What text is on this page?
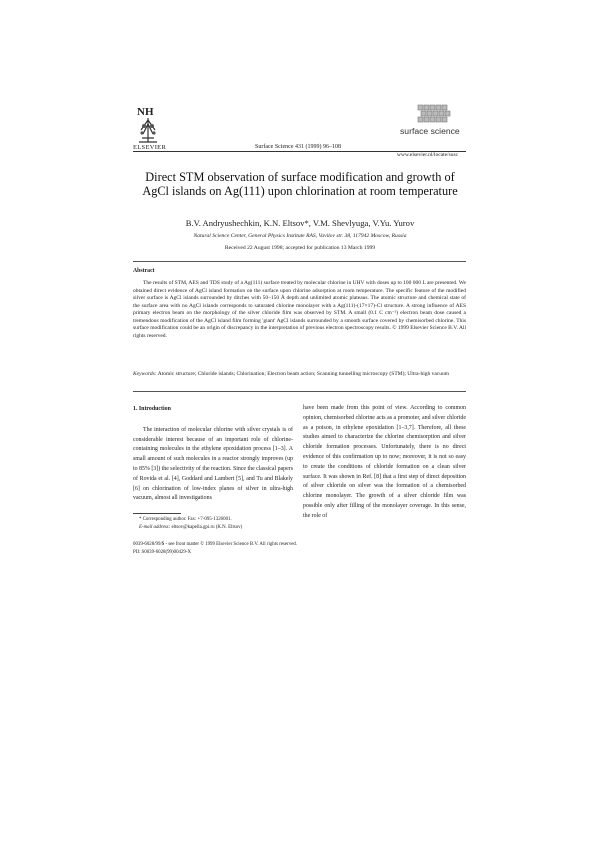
NH
ELSEVIER	Surface Science 431 (1999) 96–108
surface science
www.elsevier.nl/locate/susc
Direct STM observation of surface modification and growth of AgCl islands on Ag(111) upon chlorination at room temperature
B.V. Andryushechkin, K.N. Eltsov*, V.M. Shevlyuga, V.Yu. Yurov
Natural Science Center, General Physics Institute RAS, Vavilov str. 38, 117942 Moscow, Russia
Received 22 August 1998; accepted for publication 13 March 1999
Abstract
The results of STM, AES and TDS study of a Ag(111) surface treated by molecular chlorine in UHV with doses up to 100 000 L are presented. We obtained direct evidence of AgCl island formation on the surface upon chlorine adsorption at room temperature. The specific feature of the modified silver surface is AgCl islands surrounded by ditches with 50–150 Å depth and unlimited atomic plateaus. The atomic structure and chemical state of the surface area with no AgCl islands corresponds to saturated chlorine monolayer with a Ag(111)-(17×17)-Cl structure. A strong influence of AES primary electron beam on the morphology of the silver chloride film was observed by STM. A small (0.1 C cm⁻²) electron beam dose caused a tremendous modification of the AgCl island film forming 'giant' AgCl islands surrounded by a smooth surface covered by chemisorbed chlorine. This surface modification could be an origin of discrepancy in the interpretation of previous electron spectroscopy results. © 1999 Elsevier Science B.V. All rights reserved.
Keywords: Atomic structure; Chloride islands; Chlorination; Electron beam action; Scanning tunnelling microscopy (STM); Ultra-high vacuum
1. Introduction
The interaction of molecular chlorine with silver crystals is of considerable interest because of an important role of chlorine-containing molecules in the ethylene epoxidation process [1–3]. A small amount of such molecules in a reactor strongly improves (up to 85% [3]) the selectivity of the reaction. Since the classical papers of Rovida et al. [4], Goddard and Lambert [5], and Tu and Blakely [6] on chlorination of low-index planes of silver in ultra-high vacuum, almost all investigations
have been made from this point of view. According to common opinion, chemisorbed chlorine acts as a promoter, and silver chloride as a poison, in ethylene epoxidation [1–3,7]. Therefore, all these studies aimed to characterize the chlorine chemisorption and silver chloride formation processes. Unfortunately, there is no direct evidence of this confirmation up to now; moreover, it is not so easy to create the conditions of chloride formation on a clean silver surface. It was shown in Ref. [8] that a first step of direct deposition of silver chloride on silver was the formation of a chemisorbed chlorine monolayer. The growth of a silver chloride film was possible only after filling of the monolayer coverage. In this sense, the role of
* Corresponding author. Fax: +7-095-1326001.
E-mail address: eltsov@kapella.gpi.ru (K.N. Eltsov)
0039-6028/99/$ - see front matter © 1999 Elsevier Science B.V. All rights reserved.
PII: S0039-6028(99)00429-X
